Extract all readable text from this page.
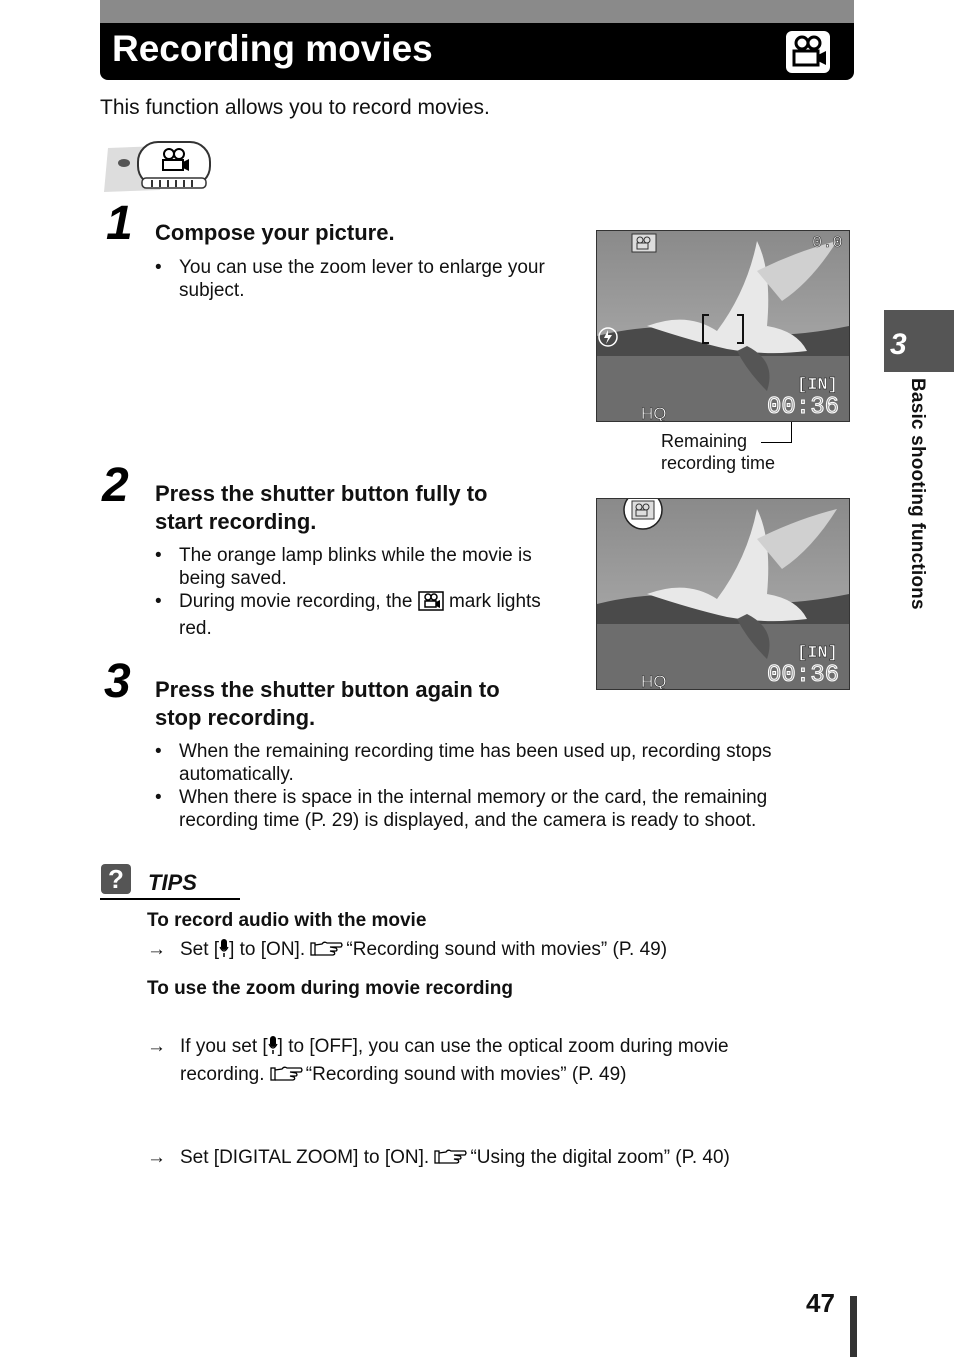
Recording movies
This function allows you to record movies.
1 Compose your picture.
• You can use the zoom lever to enlarge your subject.
2 Press the shutter button fully to
start recording.
• The orange lamp blinks while the movie is being saved.
• During movie recording, the mark lights red.
3 Press the shutter button again to
stop recording.
• When the remaining recording time has been used up, recording stops automatically.
• When there is space in the internal memory or the card, the remaining recording time (P. 29) is displayed, and the camera is ready to shoot.
0.0
[IN]
HQ	00:36
Remaining
recording time
[IN]
HQ	00:36
3
Basic shooting functions
?	TIPS
To record audio with the movie
→ Set [ ] to [ON]. “Recording sound with movies” (P. 49)
To use the zoom during movie recording
→ If you set [ ] to [OFF], you can use the optical zoom during movie
recording. “Recording sound with movies” (P. 49)
→ Set [DIGITAL ZOOM] to [ON]. “Using the digital zoom” (P. 40)
47
